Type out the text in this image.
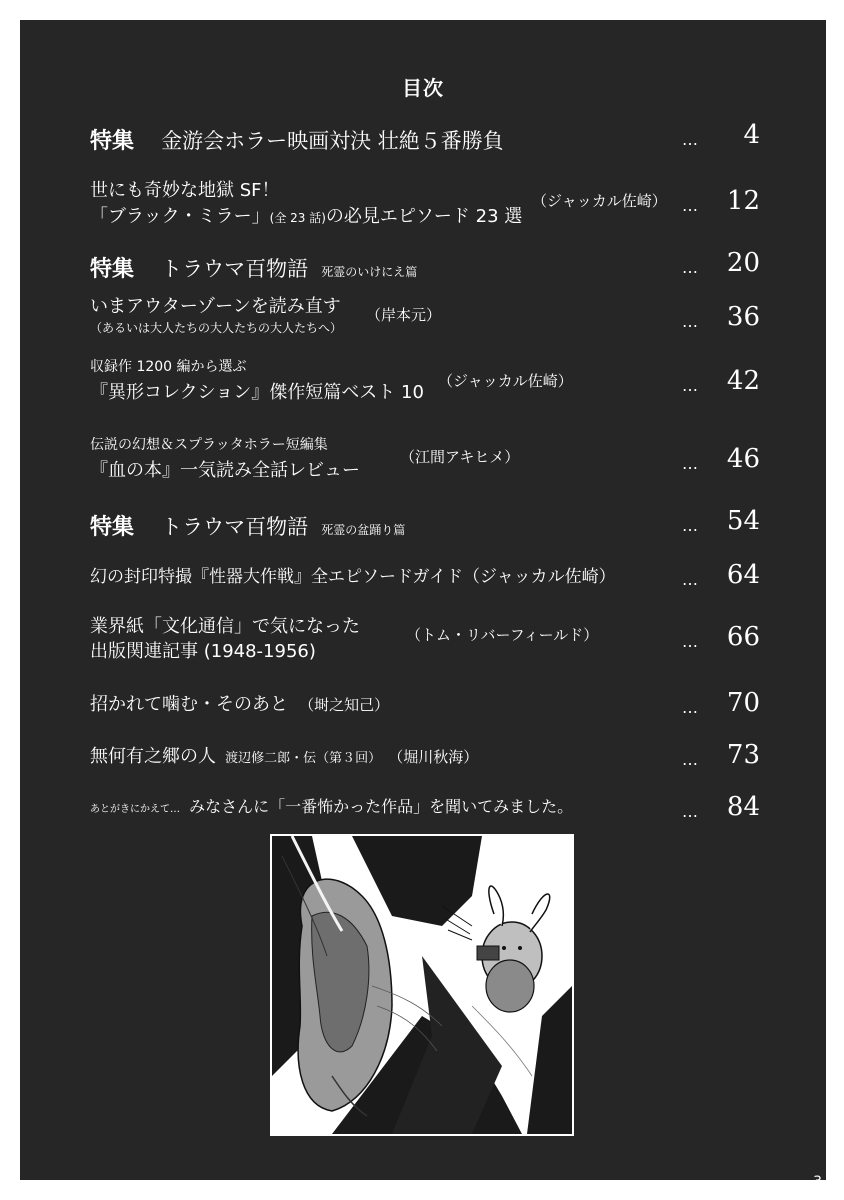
目次
特集 金游会ホラー映画対決 壮絶５番勝負	…	4
世にも奇妙な地獄 SF！
「ブラック・ミラー」(全 23 話)の必見エピソード 23 選
（ジャッカル佐崎） …	12
特集 トラウマ百物語 死霊のいけにえ篇	…	20
いまアウターゾーンを読み直す
（あるいは大人たちの大人たちの大人たちへ）
（岸本元）	…	36
収録作 1200 編から選ぶ
『異形コレクション』傑作短篇ベスト 10
（ジャッカル佐崎）	…	42
伝説の幻想＆スプラッタホラー短編集
『血の本』一気読み全話レビュー
（江間アキヒメ）	…	46
特集 トラウマ百物語 死霊の盆踊り篇	…	54
幻の封印特撮『性器大作戦』全エピソードガイド（ジャッカル佐崎）	…	64
業界紙「文化通信」で気になった
出版関連記事 (1948-1956)
（トム・リバーフィールド）	…	66
招かれて噛む・そのあと （埘之知己）	…	70
無何有之郷の人 渡辺修二郎・伝（第３回） （堀川秋海）	…	73
あとがきにかえて… みなさんに「一番怖かった作品」を聞いてみました。	…	84
3
